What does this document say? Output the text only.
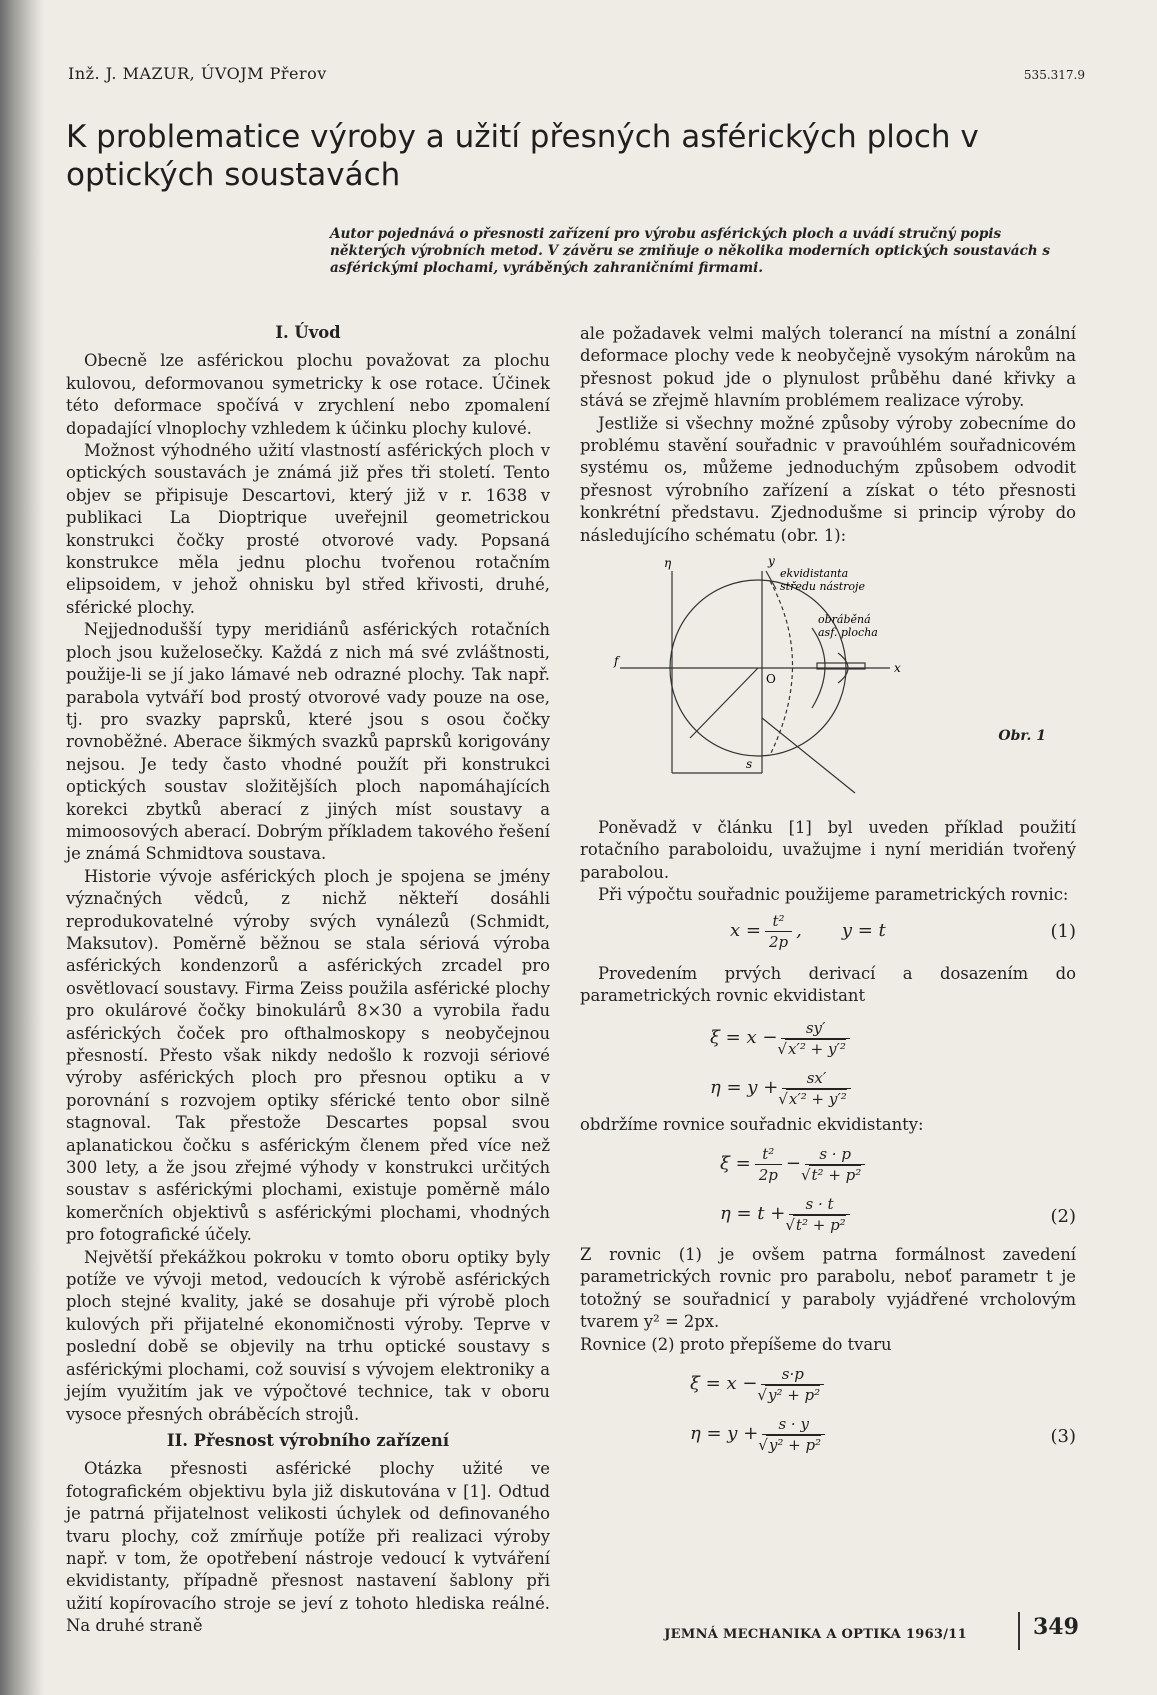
Inž. J. MAZUR, ÚVOJM Přerov	535.317.9
K problematice výroby a užití přesných asférických ploch v optických soustavách
Autor pojednává o přesnosti zařízení pro výrobu asférických ploch a uvádí stručný popis některých výrobních metod. V závěru se zmiňuje o několika moderních optických soustavách s asférickými plochami, vyráběných zahraničními firmami.
I. Úvod

Obecně lze asférickou plochu považovat za plochu kulovou, deformovanou symetricky k ose rotace. Účinek této deformace spočívá v zrychlení nebo zpomalení dopadající vlnoplochy vzhledem k účinku plochy kulové.

Možnost výhodného užití vlastností asférických ploch v optických soustavách je známá již přes tři století. Tento objev se připisuje Descartovi, který již v r. 1638 v publikaci La Dioptrique uveřejnil geometrickou konstrukci čočky prosté otvorové vady. Popsaná konstrukce měla jednu plochu tvořenou rotačním elipsoidem, v jehož ohnisku byl střed křivosti, druhé, sférické plochy.

Nejjednodušší typy meridiánů asférických rotačních ploch jsou kuželosečky. Každá z nich má své zvláštnosti, použije-li se jí jako lámavé neb odrazné plochy. Tak např. parabola vytváří bod prostý otvorové vady pouze na ose, tj. pro svazky paprsků, které jsou s osou čočky rovnoběžné. Aberace šikmých svazků paprsků korigovány nejsou. Je tedy často vhodné použít při konstrukci optických soustav složitějších ploch napomáhajících korekci zbytků aberací z jiných míst soustavy a mimoosových aberací. Dobrým příkladem takového řešení je známá Schmidtova soustava.

Historie vývoje asférických ploch je spojena se jmény význačných vědců, z nichž někteří dosáhli reprodukovatelné výroby svých vynálezů (Schmidt, Maksutov). Poměrně běžnou se stala sériová výroba asférických kondenzorů a asférických zrcadel pro osvětlovací soustavy. Firma Zeiss použila asférické plochy pro okulárové čočky binokulárů 8×30 a vyrobila řadu asférických čoček pro ofthalmoskopy s neobyčejnou přesností. Přesto však nikdy nedošlo k rozvoji sériové výroby asférických ploch pro přesnou optiku a v porovnání s rozvojem optiky sférické tento obor silně stagnoval. Tak přestože Descartes popsal svou aplanatickou čočku s asférickým členem před více než 300 lety, a že jsou zřejmé výhody v konstrukci určitých soustav s asférickými plochami, existuje poměrně málo komerčních objektivů s asférickými plochami, vhodných pro fotografické účely.

Největší překážkou pokroku v tomto oboru optiky byly potíže ve vývoji metod, vedoucích k výrobě asférických ploch stejné kvality, jaké se dosahuje při výrobě ploch kulových při přijatelné ekonomičnosti výroby. Teprve v poslední době se objevily na trhu optické soustavy s asférickými plochami, což souvisí s vývojem elektroniky a jejím využitím jak ve výpočtové technice, tak v oboru vysoce přesných obráběcích strojů.

II. Přesnost výrobního zařízení

Otázka přesnosti asférické plochy užité ve fotografickém objektivu byla již diskutována v [1]. Odtud je patrná přijatelnost velikosti úchylek od definovaného tvaru plochy, což zmírňuje potíže při realizaci výroby např. v tom, že opotřebení nástroje vedoucí k vytváření ekvidistanty, případně přesnost nastavení šablony při užití kopírovacího stroje se jeví z tohoto hlediska reálné. Na druhé straně

ale požadavek velmi malých tolerancí na místní a zonální deformace plochy vede k neobyčejně vysokým nárokům na přesnost pokud jde o plynulost průběhu dané křivky a stává se zřejmě hlavním problémem realizace výroby.

Jestliže si všechny možné způsoby výroby zobecníme do problému stavění souřadnic v pravoúhlém souřadnicovém systému os, můžeme jednoduchým způsobem odvodit přesnost výrobního zařízení a získat o této přesnosti konkrétní představu. Zjednodušme si princip výroby do následujícího schématu (obr. 1):

η	y
ekvidistanta
středu nástroje
obráběná
asf. plocha
O
s
x
f
Obr. 1

Poněvadž v článku [1] byl uveden příklad použití rotačního paraboloidu, uvažujme i nyní meridián tvořený parabolou.

Při výpočtu souřadnic použijeme parametrických rovnic:

$x = \frac{\text{t²}}{2p}$ , y = t	(1)

Provedením prvých derivací a dosazením do parametrických rovnic ekvidistant

ξ = x − sy′
√ x′² + y′²
η = y + sx′
√ x′² + y′²

obdržíme rovnice souřadnic ekvidistanty:

$\xi = \frac{\text{t²}}{2p} - s \cdot p$
√ t² + p²
η = t + s · t
√ t² + p²	(2)

Z rovnic (1) je ovšem patrna formálnost zavedení parametrických rovnic pro parabolu, neboť parametr t je totožný se souřadnicí y paraboly vyjádřené vrcholovým tvarem y² = 2px.

Rovnice (2) proto přepíšeme do tvaru

ξ = x − s·p
√ y² + p²
η = y + s · y
√ y² + p²	(3)
JEMNÁ MECHANIKA A OPTIKA 1963/11	349
